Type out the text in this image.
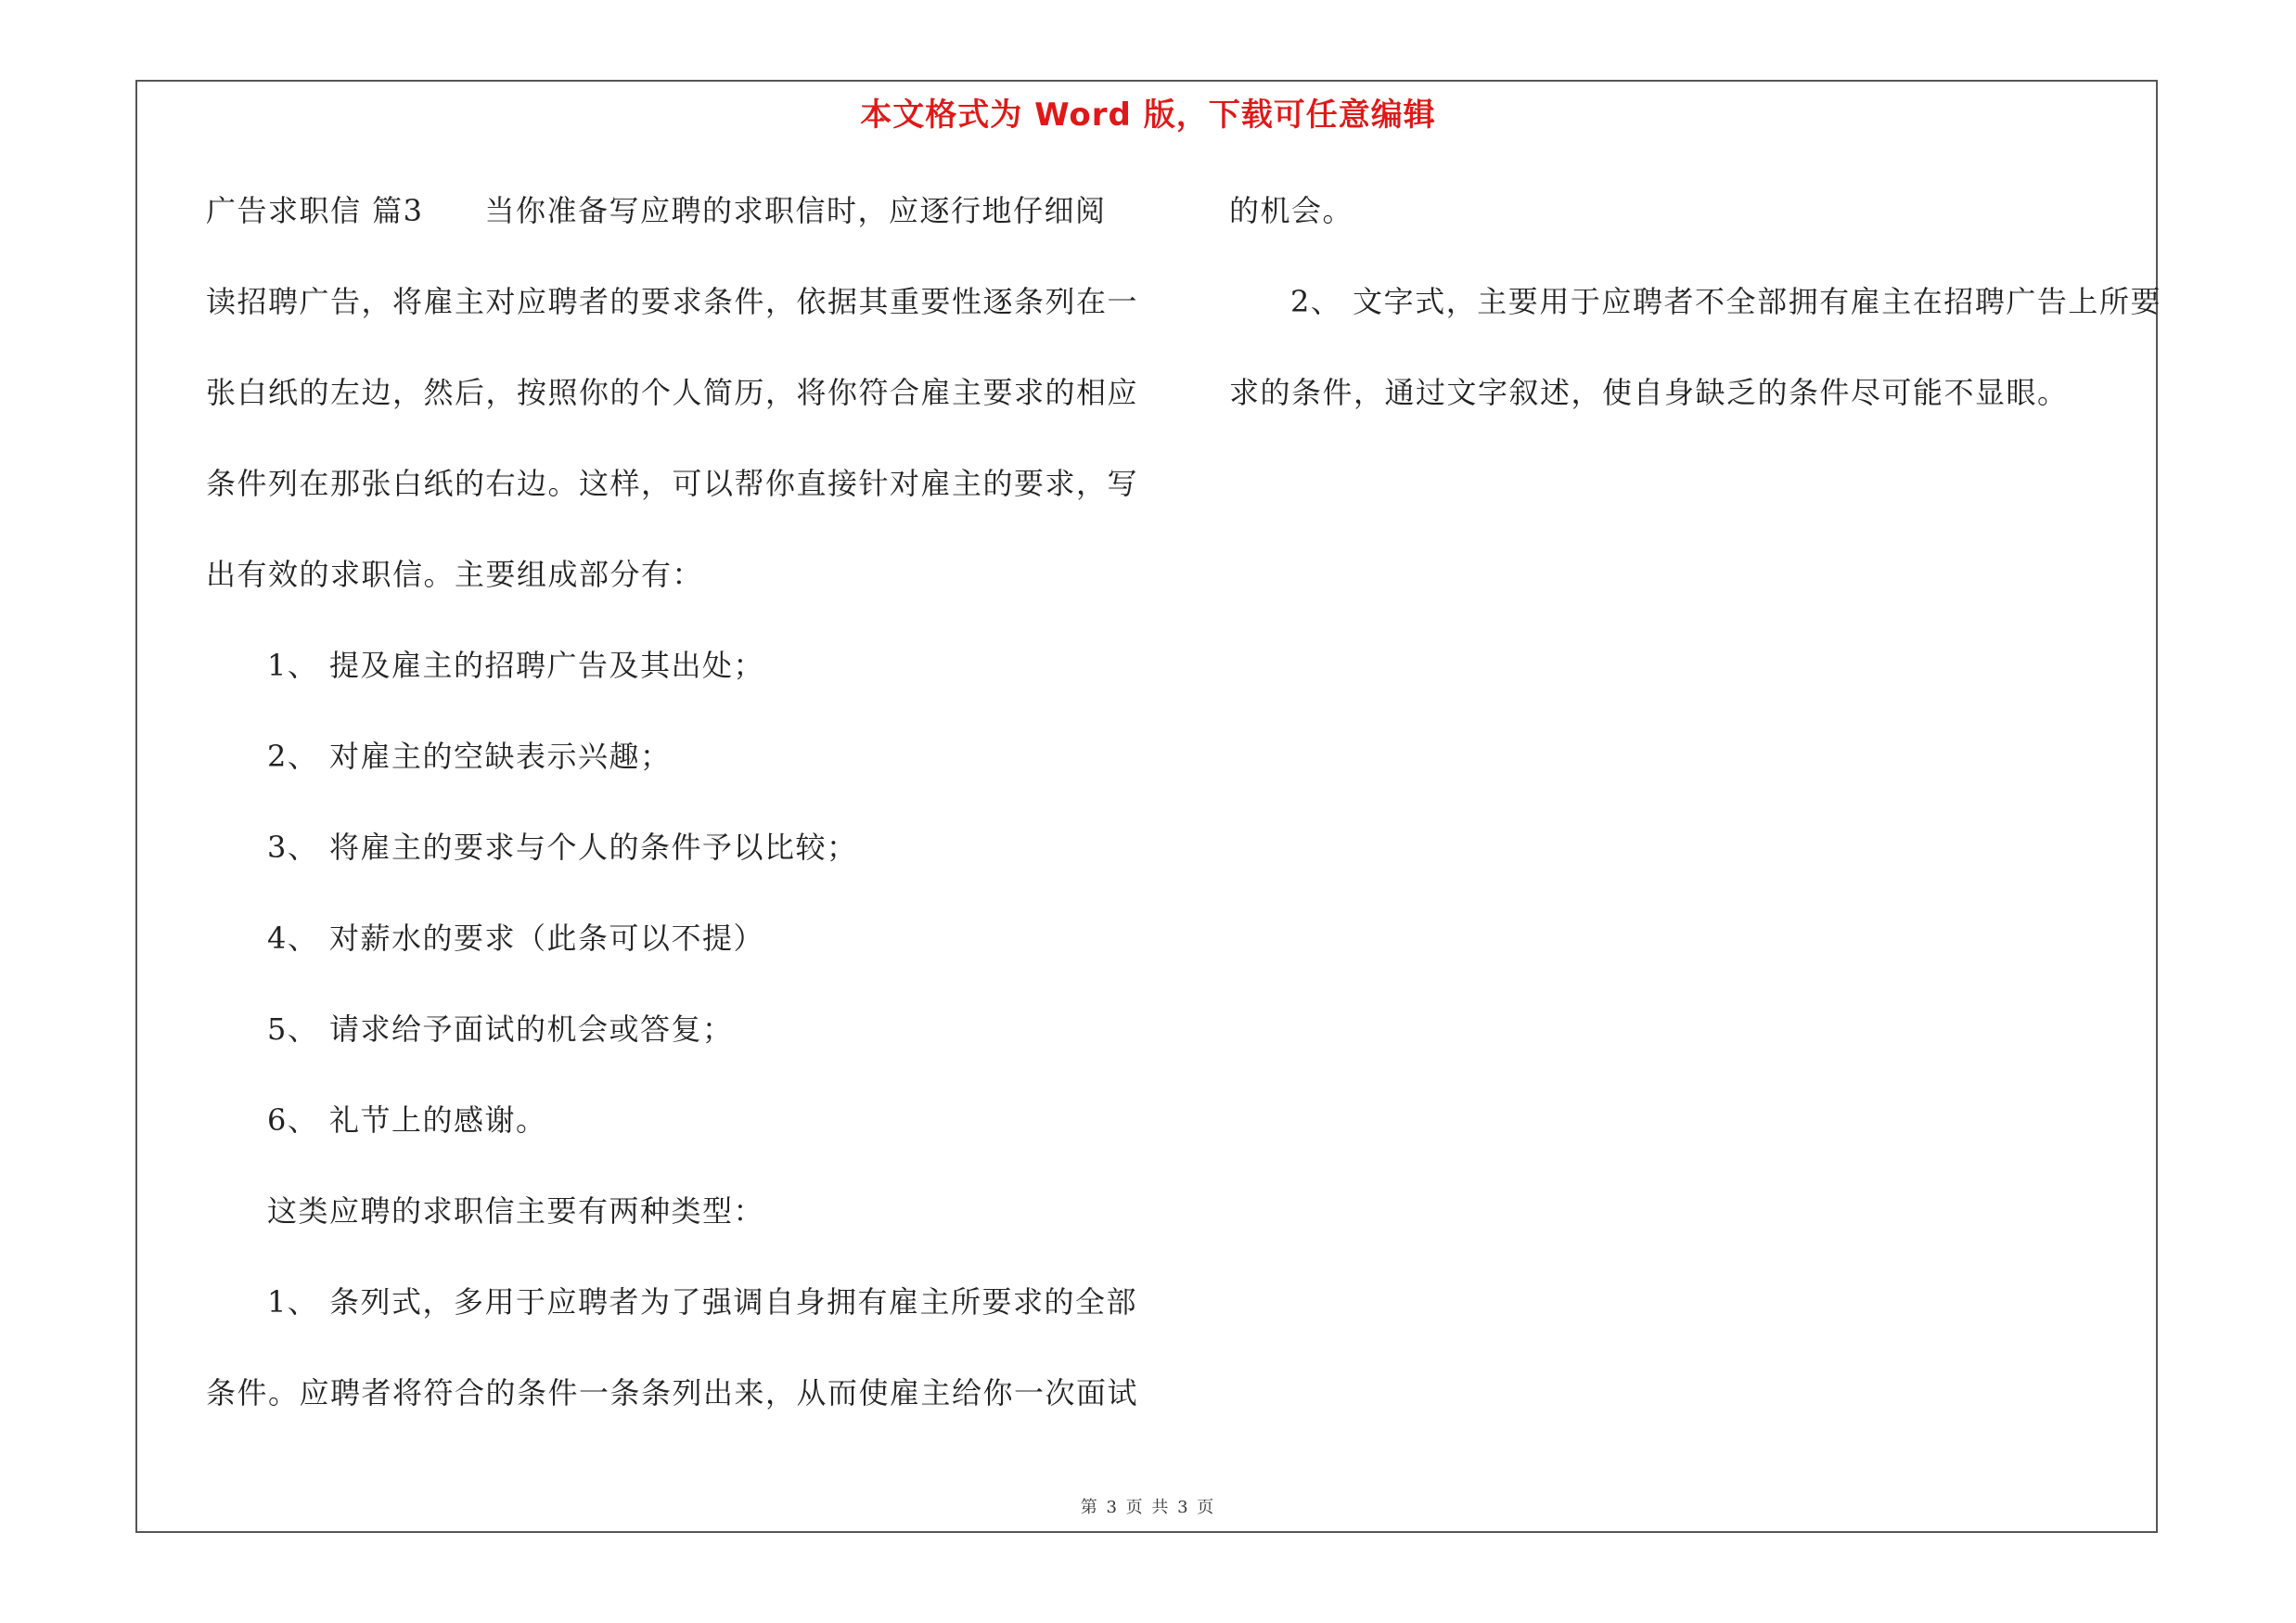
本文格式为 Word 版，下载可任意编辑
广告求职信 篇3 当你准备写应聘的求职信时，应逐行地仔细阅
读招聘广告，将雇主对应聘者的要求条件，依据其重要性逐条列在一
张白纸的左边，然后，按照你的个人简历，将你符合雇主要求的相应
条件列在那张白纸的右边。这样，可以帮你直接针对雇主的要求，写
出有效的求职信。主要组成部分有：
1、 提及雇主的招聘广告及其出处；
2、 对雇主的空缺表示兴趣；
3、 将雇主的要求与个人的条件予以比较；
4、 对薪水的要求（此条可以不提）
5、 请求给予面试的机会或答复；
6、 礼节上的感谢。
这类应聘的求职信主要有两种类型：
1、 条列式，多用于应聘者为了强调自身拥有雇主所要求的全部
条件。应聘者将符合的条件一条条列出来，从而使雇主给你一次面试
的机会。
2、 文字式，主要用于应聘者不全部拥有雇主在招聘广告上所要
求的条件，通过文字叙述，使自身缺乏的条件尽可能不显眼。
第 3 页 共 3 页
